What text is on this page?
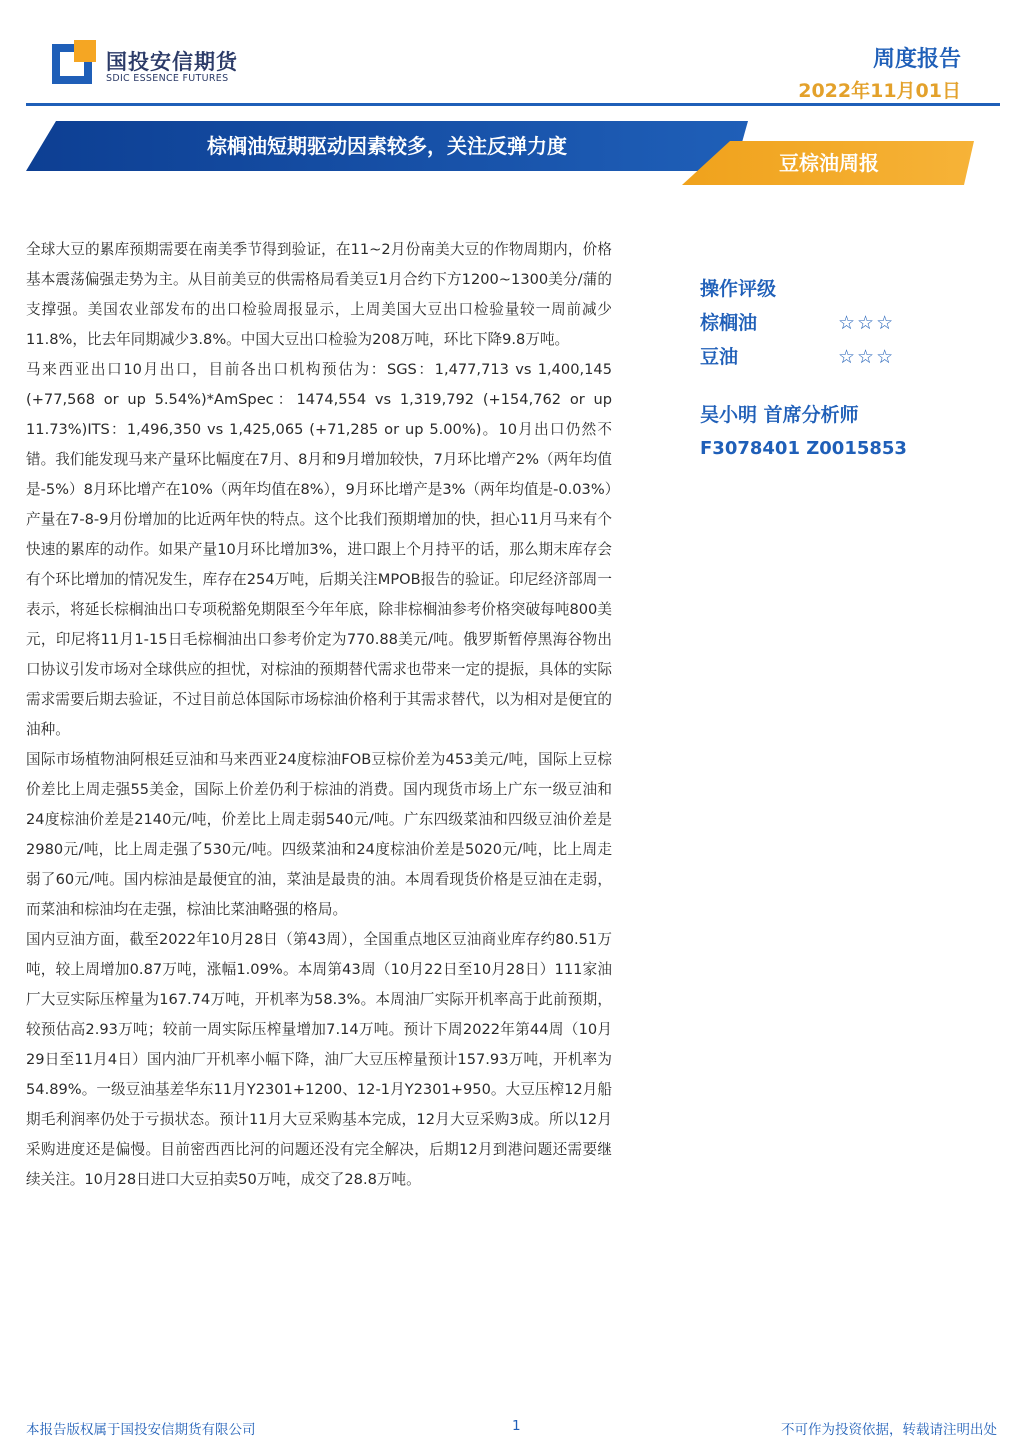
国投安信期货
SDIC ESSENCE FUTURES
周度报告
2022年11月01日
棕榈油短期驱动因素较多，关注反弹力度
豆棕油周报

全球大豆的累库预期需要在南美季节得到验证，在11~2月份南美大豆的作物周期内，价格基本震荡偏强走势为主。从目前美豆的供需格局看美豆1月合约下方1200~1300美分/蒲的支撑强。美国农业部发布的出口检验周报显示，上周美国大豆出口检验量较一周前减少11.8%，比去年同期减少3.8%。中国大豆出口检验为208万吨，环比下降9.8万吨。

马来西亚出口10月出口，目前各出口机构预估为：SGS：1,477,713 vs 1,400,145 (+77,568 or up 5.54%)*AmSpec：1474,554 vs 1,319,792 (+154,762 or up 11.73%)ITS：1,496,350 vs 1,425,065 (+71,285 or up 5.00%)。10月出口仍然不错。我们能发现马来产量环比幅度在7月、8月和9月增加较快，7月环比增产2%（两年均值是-5%）8月环比增产在10%（两年均值在8%），9月环比增产是3%（两年均值是-0.03%）产量在7-8-9月份增加的比近两年快的特点。这个比我们预期增加的快，担心11月马来有个快速的累库的动作。如果产量10月环比增加3%，进口跟上个月持平的话，那么期末库存会有个环比增加的情况发生，库存在254万吨，后期关注MPOB报告的验证。印尼经济部周一表示，将延长棕榈油出口专项税豁免期限至今年年底，除非棕榈油参考价格突破每吨800美元，印尼将11月1-15日毛棕榈油出口参考价定为770.88美元/吨。俄罗斯暂停黑海谷物出口协议引发市场对全球供应的担忧，对棕油的预期替代需求也带来一定的提振，具体的实际需求需要后期去验证，不过目前总体国际市场棕油价格利于其需求替代，以为相对是便宜的油种。

国际市场植物油阿根廷豆油和马来西亚24度棕油FOB豆棕价差为453美元/吨，国际上豆棕价差比上周走强55美金，国际上价差仍利于棕油的消费。国内现货市场上广东一级豆油和24度棕油价差是2140元/吨，价差比上周走弱540元/吨。广东四级菜油和四级豆油价差是2980元/吨，比上周走强了530元/吨。四级菜油和24度棕油价差是5020元/吨，比上周走弱了60元/吨。国内棕油是最便宜的油，菜油是最贵的油。本周看现货价格是豆油在走弱，而菜油和棕油均在走强，棕油比菜油略强的格局。

国内豆油方面，截至2022年10月28日（第43周），全国重点地区豆油商业库存约80.51万吨，较上周增加0.87万吨，涨幅1.09%。本周第43周（10月22日至10月28日）111家油厂大豆实际压榨量为167.74万吨，开机率为58.3%。本周油厂实际开机率高于此前预期，较预估高2.93万吨；较前一周实际压榨量增加7.14万吨。预计下周2022年第44周（10月29日至11月4日）国内油厂开机率小幅下降，油厂大豆压榨量预计157.93万吨，开机率为54.89%。一级豆油基差华东11月Y2301+1200、12-1月Y2301+950。大豆压榨12月船期毛利润率仍处于亏损状态。预计11月大豆采购基本完成，12月大豆采购3成。所以12月采购进度还是偏慢。目前密西西比河的问题还没有完全解决，后期12月到港问题还需要继续关注。10月28日进口大豆拍卖50万吨，成交了28.8万吨。

操作评级
棕榈油	☆☆☆
豆油	☆☆☆
吴小明 首席分析师
F3078401 Z0015853
本报告版权属于国投安信期货有限公司	1	不可作为投资依据，转载请注明出处
